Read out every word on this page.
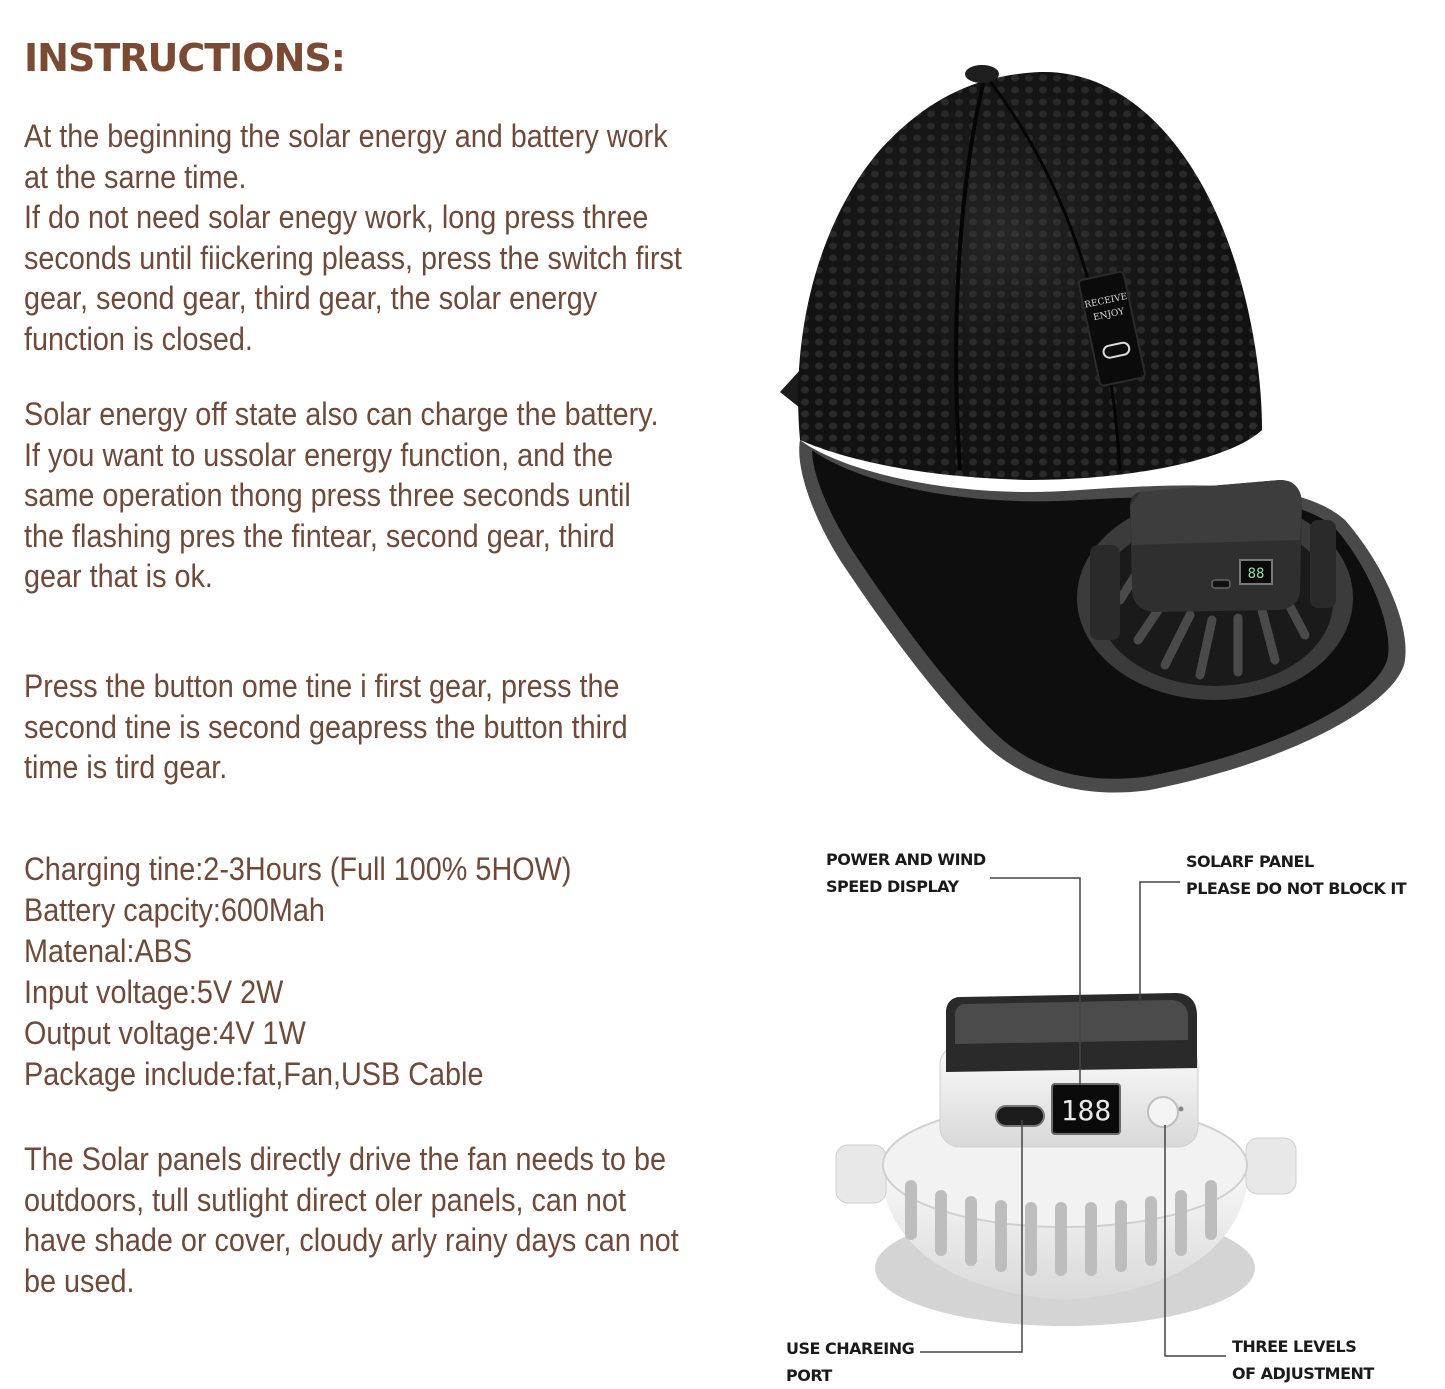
INSTRUCTIONS:
At the beginning the solar energy and battery work
at the sarne time.
If do not need solar enegy work, long press three
seconds until fiickering pleass, press the switch first
gear, seond gear, third gear, the solar energy
function is closed.
Solar energy off state also can charge the battery.
If you want to ussolar energy function, and the
same operation thong press three seconds until
the flashing pres the fintear, second gear, third
gear that is ok.
Press the button ome tine i first gear, press the
second tine is second geapress the button third
time is tird gear.
Charging tine:2-3Hours (Full 100% 5HOW)
Battery capcity:600Mah
Matenal:ABS
Input voltage:5V 2W
Output voltage:4V 1W
Package include:fat,Fan,USB Cable
The Solar panels directly drive the fan needs to be
outdoors, tull sutlight direct oler panels, can not
have shade or cover, cloudy arly rainy days can not
be used.
RECEIVE
ENJOY
88
188
POWER AND WIND
SPEED DISPLAY
SOLARF PANEL
PLEASE DO NOT BLOCK IT
USE CHAREING
PORT
THREE LEVELS
OF ADJUSTMENT
